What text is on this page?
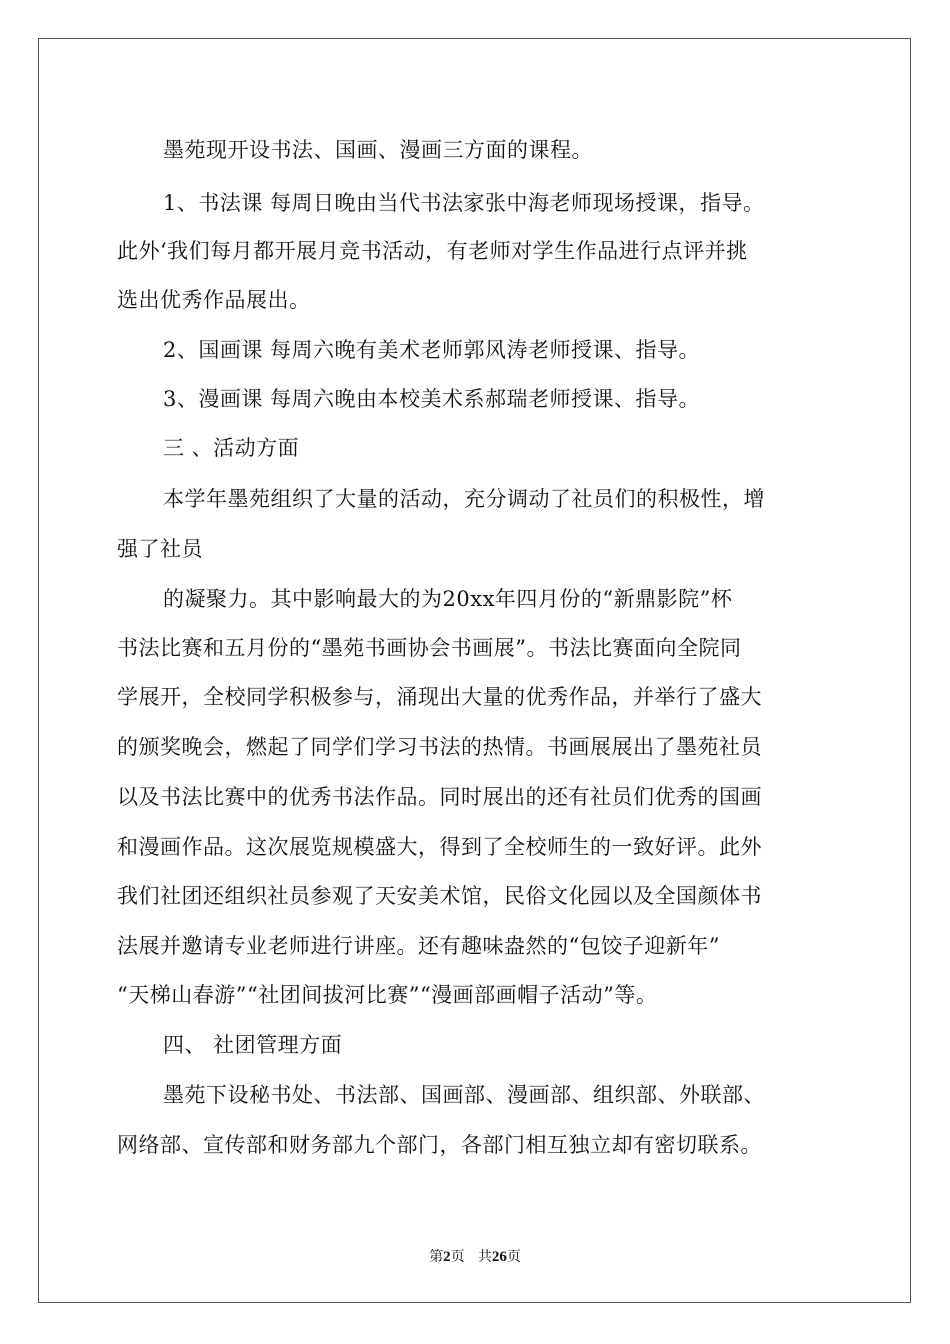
墨苑现开设书法、国画、漫画三方面的课程。
1、书法课 每周日晚由当代书法家张中海老师现场授课，指导。
此外‘我们每月都开展月竞书活动，有老师对学生作品进行点评并挑
选出优秀作品展出。
2、国画课 每周六晚有美术老师郭风涛老师授课、指导。
3、漫画课 每周六晚由本校美术系郝瑞老师授课、指导。
三 、活动方面
本学年墨苑组织了大量的活动，充分调动了社员们的积极性，增
强了社员
的凝聚力。其中影响最大的为20xx年四月份的“新鼎影院”杯
书法比赛和五月份的“墨苑书画协会书画展”。书法比赛面向全院同
学展开，全校同学积极参与，涌现出大量的优秀作品，并举行了盛大
的颁奖晚会，燃起了同学们学习书法的热情。书画展展出了墨苑社员
以及书法比赛中的优秀书法作品。同时展出的还有社员们优秀的国画
和漫画作品。这次展览规模盛大，得到了全校师生的一致好评。此外
我们社团还组织社员参观了天安美术馆，民俗文化园以及全国颜体书
法展并邀请专业老师进行讲座。还有趣味盎然的“包饺子迎新年”
“天梯山春游”“社团间拔河比赛”“漫画部画帽子活动”等。
四、 社团管理方面
墨苑下设秘书处、书法部、国画部、漫画部、组织部、外联部、
网络部、宣传部和财务部九个部门，各部门相互独立却有密切联系。
第2页 共26页
